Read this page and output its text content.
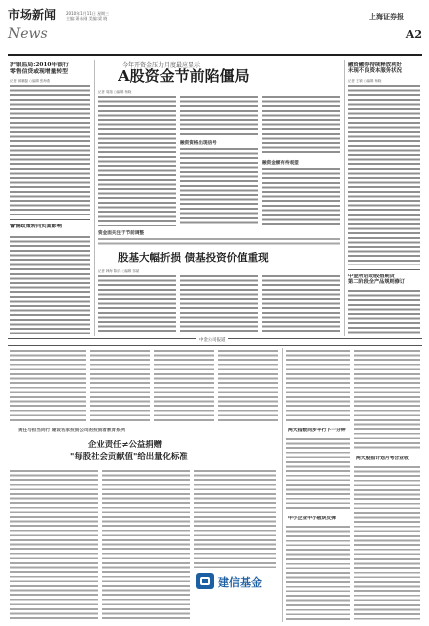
市场新闻
News
2010年1月11日 星期三
主编:萧永刚 美编:梁 晓	上海证券报
A2
沪银监局:2010年银行
零售信贷或现增量转型
记者 薛鹏磊 ○编辑 张海燕
警惕政策转向负面影响
今年开资金压力月度最应显示
A股资金节前陷僵局
记者 周翔 ○编辑 杨晓
融资资格出现信号
融资金额有待观望
资金面关注于节前调整
股基大幅折损 债基投资价值重现
记者 韩海 陈乐 ○编辑 邹斌
融资融券持续释放利好
未现不良资本服务状况
记者 王颖 ○编辑 杨晓
中金所启动股指期货
第二阶段全产品规则修订
中金公司报道
责任与担当同行 建设名家投资公司的投资者教育系列
企业责任≠公益捐赠
"每股社会贡献值"给出量化标准
建信基金
两大指数同步平行下一分钟
中小企业中小板块反弹
两大股指计划月考合业收
